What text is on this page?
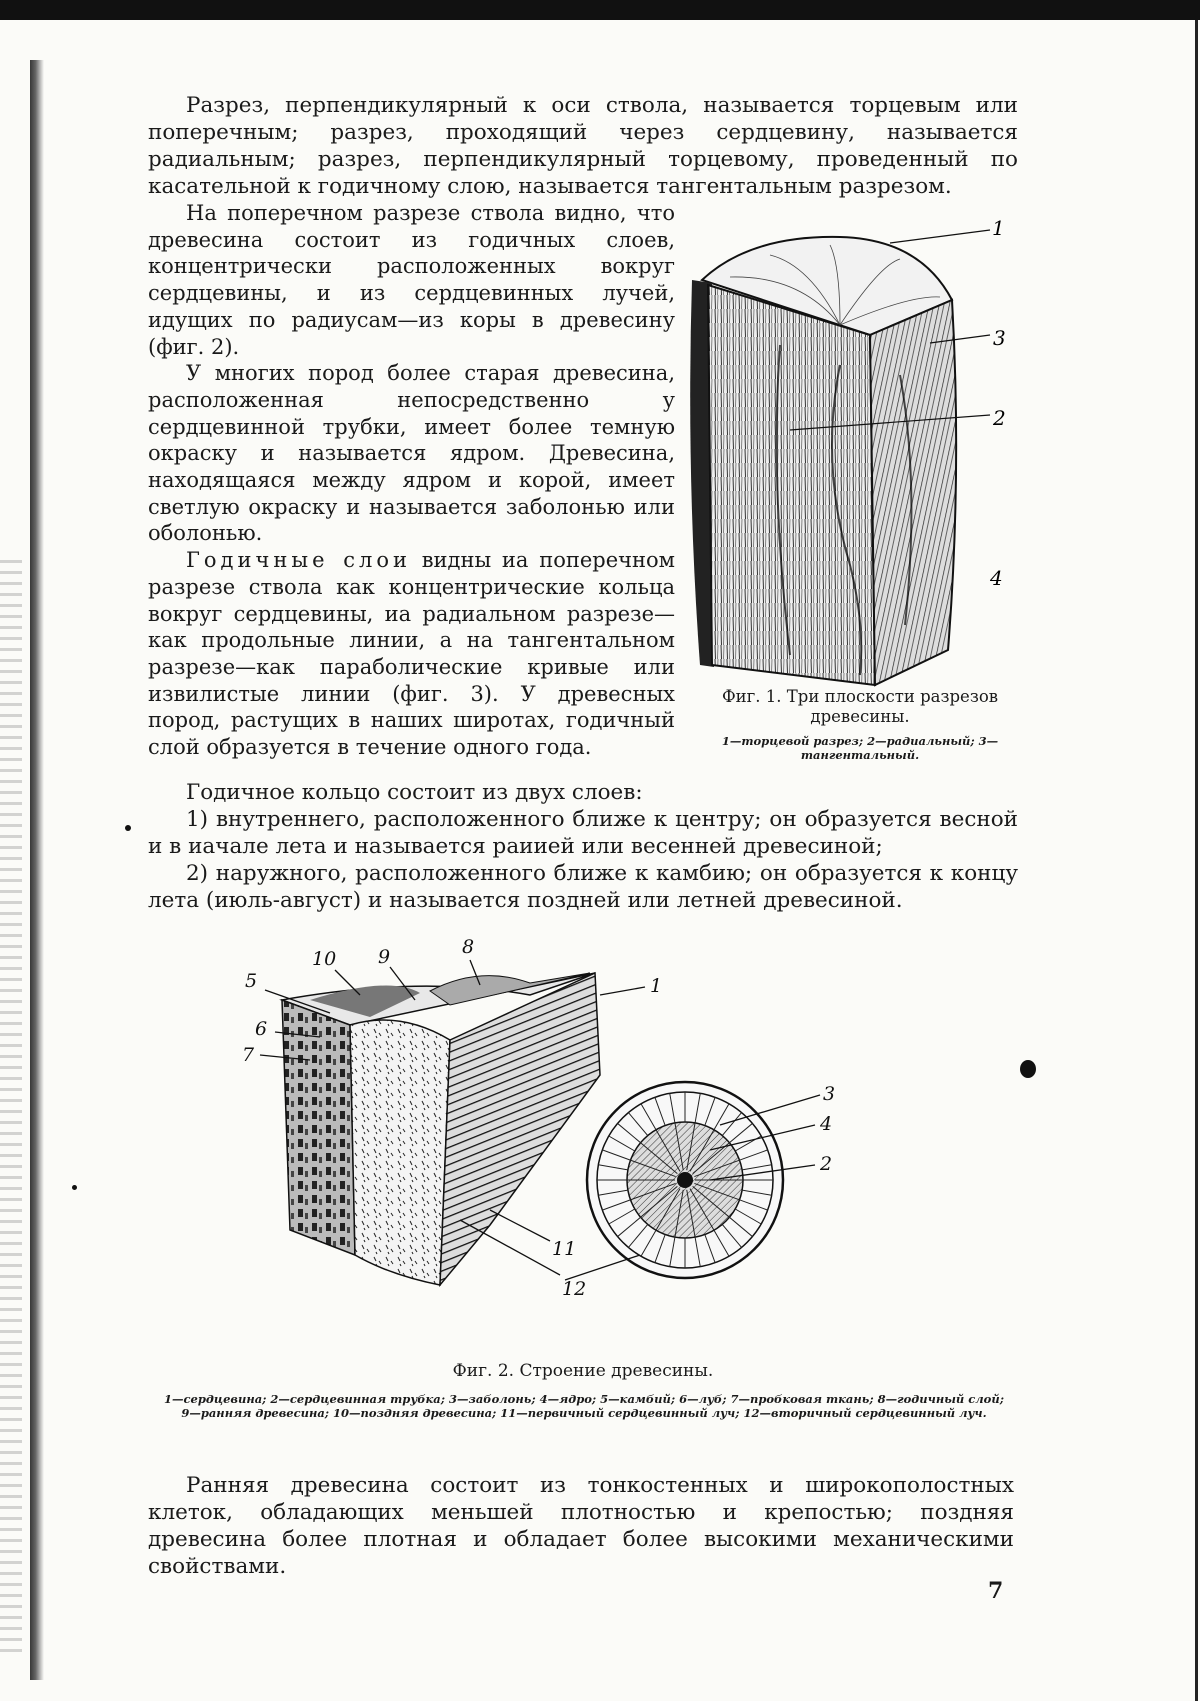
Разрез, перпендикулярный к оси ствола, называется торцевым или поперечным; разрез, проходящий через сердцевину, называется радиальным; разрез, перпендикулярный торцевому, проведенный по касательной к годичному слою, называется тангентальным разрезом.

На поперечном разрезе ствола видно, что древесина состоит из годичных слоев, концентрически расположенных вокруг сердцевины, и из сердцевинных лучей, идущих по радиусам—из коры в древесину (фиг. 2).

У многих пород более старая древесина, расположенная непосредственно у сердцевинной трубки, имеет более темную окраску и называется ядром. Древесина, находящаяся между ядром и корой, имеет светлую окраску и называется заболонью или оболонью.

Годичные слои видны иа поперечном разрезе ствола как концентрические кольца вокруг сердцевины, иа радиальном разрезе—как продольные линии, а на тангентальном разрезе—как параболические кривые или извилистые линии (фиг. 3). У древесных пород, растущих в наших широтах, годичный слой образуется в течение одного года.

Годичное кольцо состоит из двух слоев:

1) внутреннего, расположенного ближе к центру; он образуется весной и в иачале лета и называется раиией или весенней древесиной;

2) наружного, расположенного ближе к камбию; он образуется к концу лета (июль-август) и называется поздней или летней древесиной.

1
3
2
4
Фиг. 1. Три плоскости разрезов древесины.
1—торцевой разрез; 2—радиальный; 3—тангентальный.
10 9	8
1
5
6
7
3
4
2
11
12
Фиг. 2. Строение древесины.
1—сердцевина; 2—сердцевинная трубка; 3—заболонь; 4—ядро; 5—камбий; 6—луб; 7—пробковая ткань; 8—годичный слой; 9—ранняя древесина; 10—поздняя древесина; 11—первичный сердцевинный луч; 12—вторичный сердцевинный луч.

Ранняя древесина состоит из тонкостенных и широкополостных клеток, обладающих меньшей плотностью и крепостью; поздняя древесина более плотная и обладает более высокими механическими свойствами.

7
